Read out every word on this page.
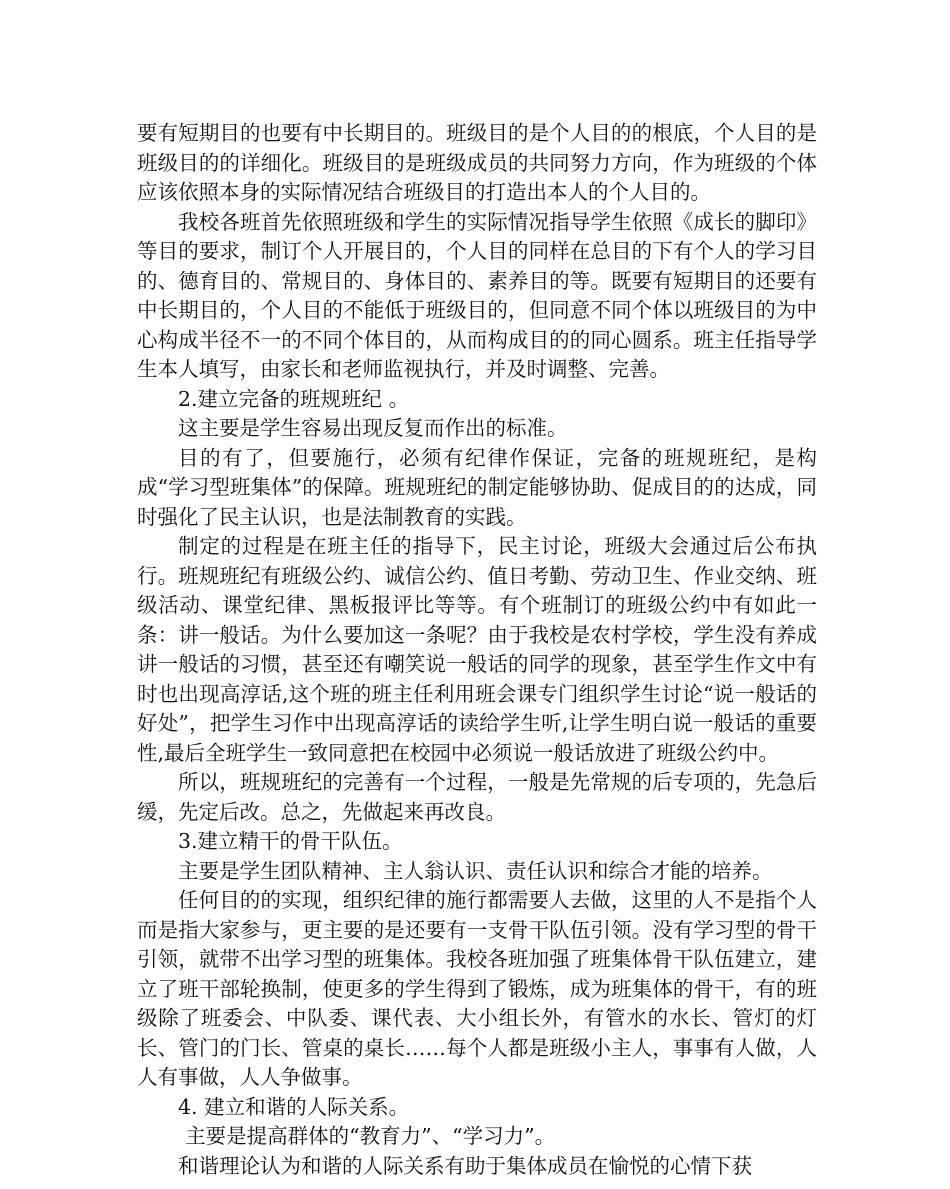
要有短期目的也要有中长期目的。班级目的是个人目的的根底，个人目的是班级目的的详细化。班级目的是班级成员的共同努力方向，作为班级的个体应该依照本身的实际情况结合班级目的打造出本人的个人目的。

我校各班首先依照班级和学生的实际情况指导学生依照《成长的脚印》等目的要求，制订个人开展目的，个人目的同样在总目的下有个人的学习目的、德育目的、常规目的、身体目的、素养目的等。既要有短期目的还要有中长期目的，个人目的不能低于班级目的，但同意不同个体以班级目的为中心构成半径不一的不同个体目的，从而构成目的的同心圆系。班主任指导学生本人填写，由家长和老师监视执行，并及时调整、完善。

2.建立完备的班规班纪 。

这主要是学生容易出现反复而作出的标准。

目的有了，但要施行，必须有纪律作保证，完备的班规班纪，是构成“学习型班集体”的保障。班规班纪的制定能够协助、促成目的的达成，同时强化了民主认识，也是法制教育的实践。

制定的过程是在班主任的指导下，民主讨论，班级大会通过后公布执行。班规班纪有班级公约、诚信公约、值日考勤、劳动卫生、作业交纳、班级活动、课堂纪律、黑板报评比等等。有个班制订的班级公约中有如此一条：讲一般话。为什么要加这一条呢？由于我校是农村学校，学生没有养成讲一般话的习惯，甚至还有嘲笑说一般话的同学的现象，甚至学生作文中有时也出现高淳话,这个班的班主任利用班会课专门组织学生讨论“说一般话的好处”，把学生习作中出现高淳话的读给学生听,让学生明白说一般话的重要性,最后全班学生一致同意把在校园中必须说一般话放进了班级公约中。

所以，班规班纪的完善有一个过程，一般是先常规的后专项的，先急后缓，先定后改。总之，先做起来再改良。

3.建立精干的骨干队伍。

主要是学生团队精神、主人翁认识、责任认识和综合才能的培养。

任何目的的实现，组织纪律的施行都需要人去做，这里的人不是指个人而是指大家参与，更主要的是还要有一支骨干队伍引领。没有学习型的骨干引领，就带不出学习型的班集体。我校各班加强了班集体骨干队伍建立，建立了班干部轮换制，使更多的学生得到了锻炼，成为班集体的骨干，有的班级除了班委会、中队委、课代表、大小组长外，有管水的水长、管灯的灯长、管门的门长、管桌的桌长……每个人都是班级小主人，事事有人做，人人有事做，人人争做事。

4. 建立和谐的人际关系。

主要是提高群体的“教育力”、“学习力”。

和谐理论认为和谐的人际关系有助于集体成员在愉悦的心情下获
